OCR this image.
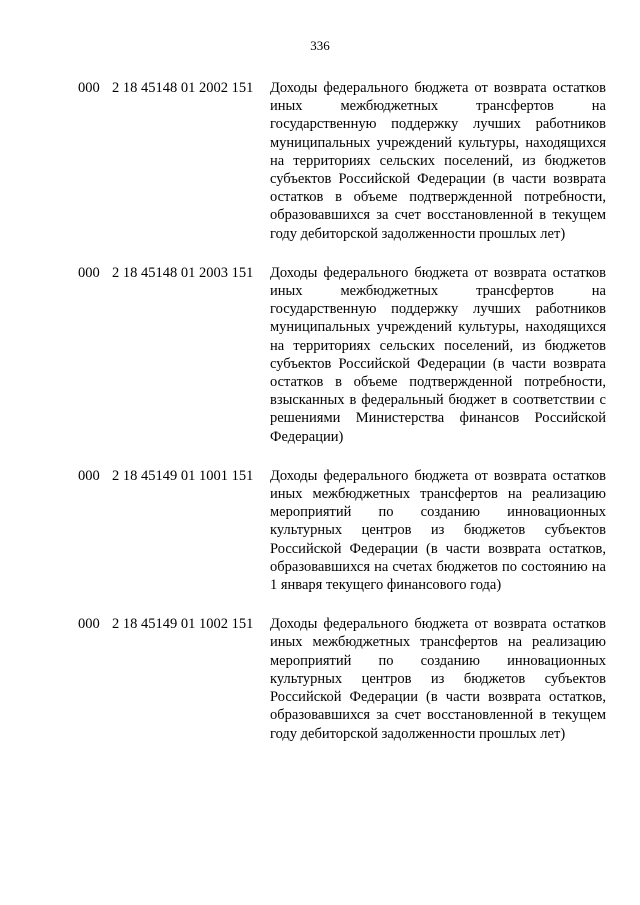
336
000 2 18 45148 01 2002 151 Доходы федерального бюджета от возврата остатков иных межбюджетных трансфертов на государственную поддержку лучших работников муниципальных учреждений культуры, находящихся на территориях сельских поселений, из бюджетов субъектов Российской Федерации (в части возврата остатков в объеме подтвержденной потребности, образовавшихся за счет восстановленной в текущем году дебиторской задолженности прошлых лет)
000 2 18 45148 01 2003 151 Доходы федерального бюджета от возврата остатков иных межбюджетных трансфертов на государственную поддержку лучших работников муниципальных учреждений культуры, находящихся на территориях сельских поселений, из бюджетов субъектов Российской Федерации (в части возврата остатков в объеме подтвержденной потребности, взысканных в федеральный бюджет в соответствии с решениями Министерства финансов Российской Федерации)
000 2 18 45149 01 1001 151 Доходы федерального бюджета от возврата остатков иных межбюджетных трансфертов на реализацию мероприятий по созданию инновационных культурных центров из бюджетов субъектов Российской Федерации (в части возврата остатков, образовавшихся на счетах бюджетов по состоянию на 1 января текущего финансового года)
000 2 18 45149 01 1002 151 Доходы федерального бюджета от возврата остатков иных межбюджетных трансфертов на реализацию мероприятий по созданию инновационных культурных центров из бюджетов субъектов Российской Федерации (в части возврата остатков, образовавшихся за счет восстановленной в текущем году дебиторской задолженности прошлых лет)
